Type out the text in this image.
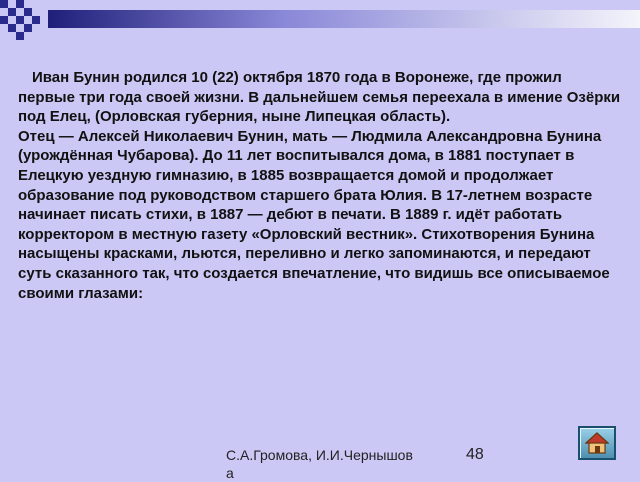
Иван Бунин родился 10 (22) октября 1870 года в Воронеже, где прожил первые три года своей жизни. В дальнейшем семья переехала в имение Озёрки под Елец, (Орловская губерния, ныне Липецкая область).

Отец — Алексей Николаевич Бунин, мать — Людмила Александровна Бунина (урождённая Чубарова). До 11 лет воспитывался дома, в 1881 поступает в Елецкую уездную гимназию, в 1885 возвращается домой и продолжает образование под руководством старшего брата Юлия. В 17-летнем возрасте начинает писать стихи, в 1887 — дебют в печати. В 1889 г. идёт работать корректором в местную газету «Орловский вестник». Стихотворения Бунина насыщены красками, льются, переливно и легко запоминаются, и передают суть сказанного так, что создается впечатление, что видишь все описываемое своими глазами:

С.А.Громова, И.И.Чернышова
48
